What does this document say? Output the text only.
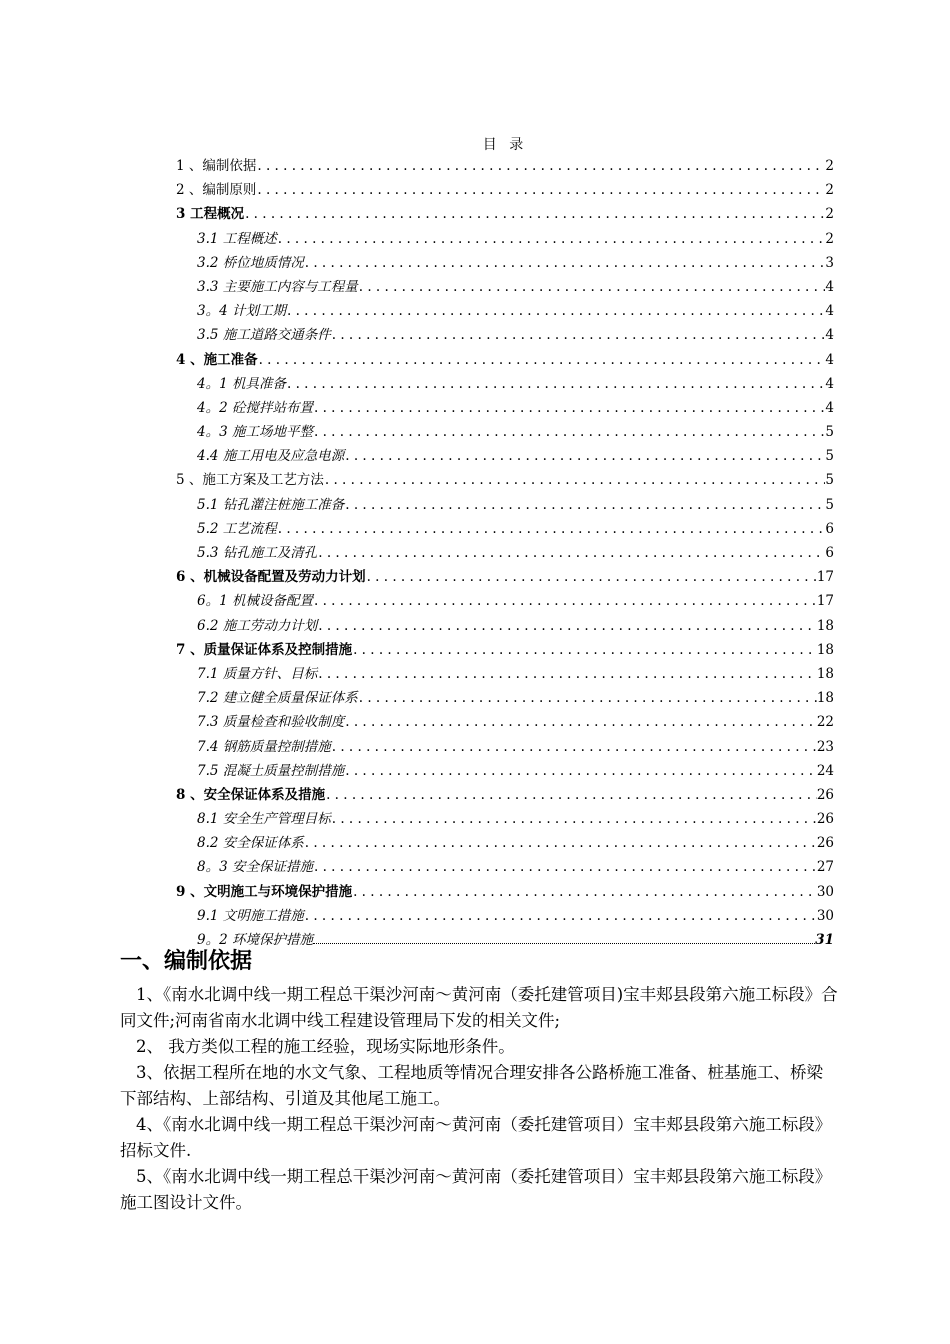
目 录
1 、编制依据 . . .	2
2 、编制原则 . . .	2
3 工程概况 . . .	2
3.1 工程概述 . . .	2
3.2 桥位地质情况 . . .	3
3.3 主要施工内容与工程量 . . .	4
3。4 计划工期 . . .	4
3.5 施工道路交通条件 . . .	4
4 、施工准备 . . .	4
4。1 机具准备 . . .	4
4。2 砼搅拌站布置 . . .	4
4。3 施工场地平整 . . .	5
4.4 施工用电及应急电源 . . .	5
5 、施工方案及工艺方法 . . .	5
5.1 钻孔灌注桩施工准备 . . .	5
5.2 工艺流程 . . .	6
5.3 钻孔施工及清孔 . . .	6
6 、机械设备配置及劳动力计划 . . .	17
6。1 机械设备配置 . . .	17
6.2 施工劳动力计划 . . .	18
7 、质量保证体系及控制措施 . . .	18
7.1 质量方针、目标 . . .	18
7.2 建立健全质量保证体系 . . .	18
7.3 质量检查和验收制度 . . .	22
7.4 钢筋质量控制措施 . . .	23
7.5 混凝土质量控制措施 . . .	24
8 、安全保证体系及措施 . . .	26
8.1 安全生产管理目标 . . .	26
8.2 安全保证体系 . . .	26
8。3 安全保证措施 . . .	27
9 、文明施工与环境保护措施 . . .	30
9.1 文明施工措施 . . .	30
9。2 环境保护措施	31
一、编制依据

1、《南水北调中线一期工程总干渠沙河南～黄河南（委托建管项目)宝丰郏县段第六施工标段》合同文件;河南省南水北调中线工程建设管理局下发的相关文件;

2、 我方类似工程的施工经验，现场实际地形条件。

3、依据工程所在地的水文气象、工程地质等情况合理安排各公路桥施工准备、桩基施工、桥梁下部结构、上部结构、引道及其他尾工施工。

4、《南水北调中线一期工程总干渠沙河南～黄河南（委托建管项目）宝丰郏县段第六施工标段》招标文件.

5、《南水北调中线一期工程总干渠沙河南～黄河南（委托建管项目）宝丰郏县段第六施工标段》施工图设计文件。
